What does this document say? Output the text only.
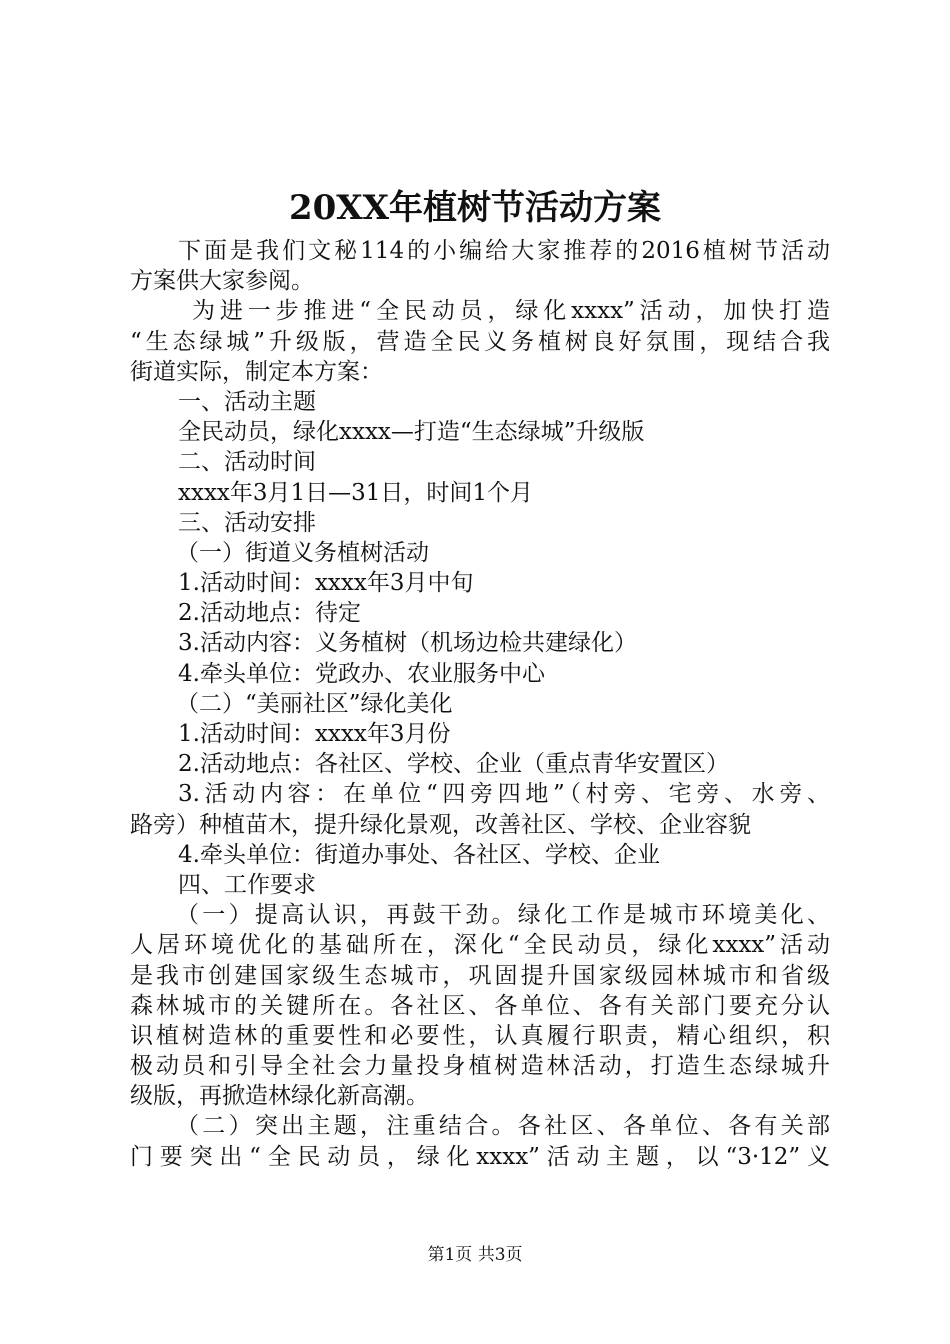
20XX年植树节活动方案
下面是我们文秘114的小编给大家推荐的2016植树节活动
方案供大家参阅。
为进一步推进“全民动员，绿化xxxx”活动，加快打造
“生态绿城”升级版，营造全民义务植树良好氛围，现结合我
街道实际，制定本方案：
一、活动主题
全民动员，绿化xxxx—打造“生态绿城”升级版
二、活动时间
xxxx年3月1日—31日，时间1个月
三、活动安排
（一）街道义务植树活动
1.活动时间：xxxx年3月中旬
2.活动地点：待定
3.活动内容：义务植树（机场边检共建绿化）
4.牵头单位：党政办、农业服务中心
（二）“美丽社区”绿化美化
1.活动时间：xxxx年3月份
2.活动地点：各社区、学校、企业（重点青华安置区）
3.活动内容：在单位“四旁四地”（村旁、宅旁、水旁、
路旁）种植苗木，提升绿化景观，改善社区、学校、企业容貌
4.牵头单位：街道办事处、各社区、学校、企业
四、工作要求
（一）提高认识，再鼓干劲。绿化工作是城市环境美化、
人居环境优化的基础所在，深化“全民动员，绿化xxxx”活动
是我市创建国家级生态城市，巩固提升国家级园林城市和省级
森林城市的关键所在。各社区、各单位、各有关部门要充分认
识植树造林的重要性和必要性，认真履行职责，精心组织，积
极动员和引导全社会力量投身植树造林活动，打造生态绿城升
级版，再掀造林绿化新高潮。
（二）突出主题，注重结合。各社区、各单位、各有关部
门要突出“全民动员，绿化xxxx”活动主题，以“3·12”义
第1页 共3页
